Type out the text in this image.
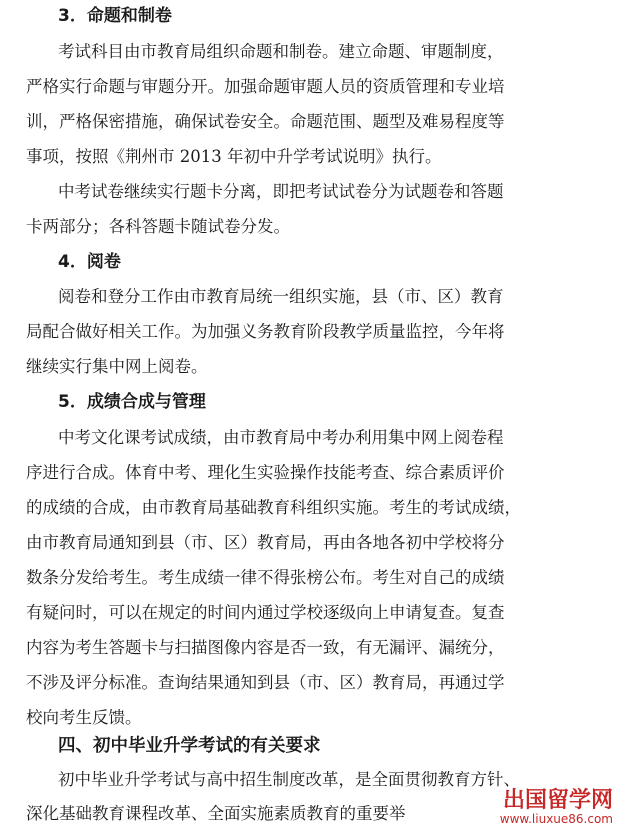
3．命题和制卷
考试科目由市教育局组织命题和制卷。建立命题、审题制度，
严格实行命题与审题分开。加强命题审题人员的资质管理和专业培
训，严格保密措施，确保试卷安全。命题范围、题型及难易程度等
事项，按照《荆州市 2013 年初中升学考试说明》执行。
中考试卷继续实行题卡分离，即把考试试卷分为试题卷和答题
卡两部分；各科答题卡随试卷分发。
4．阅卷
阅卷和登分工作由市教育局统一组织实施，县（市、区）教育
局配合做好相关工作。为加强义务教育阶段教学质量监控，今年将
继续实行集中网上阅卷。
5．成绩合成与管理
中考文化课考试成绩，由市教育局中考办利用集中网上阅卷程
序进行合成。体育中考、理化生实验操作技能考查、综合素质评价
的成绩的合成，由市教育局基础教育科组织实施。考生的考试成绩，
由市教育局通知到县（市、区）教育局，再由各地各初中学校将分
数条分发给考生。考生成绩一律不得张榜公布。考生对自己的成绩
有疑问时，可以在规定的时间内通过学校逐级向上申请复查。复查
内容为考生答题卡与扫描图像内容是否一致，有无漏评、漏统分，
不涉及评分标准。查询结果通知到县（市、区）教育局，再通过学
校向考生反馈。
四、初中毕业升学考试的有关要求
初中毕业升学考试与高中招生制度改革，是全面贯彻教育方针、
深化基础教育课程改革、全面实施素质教育的重要举
出国留学网
www.liuxue86.com
